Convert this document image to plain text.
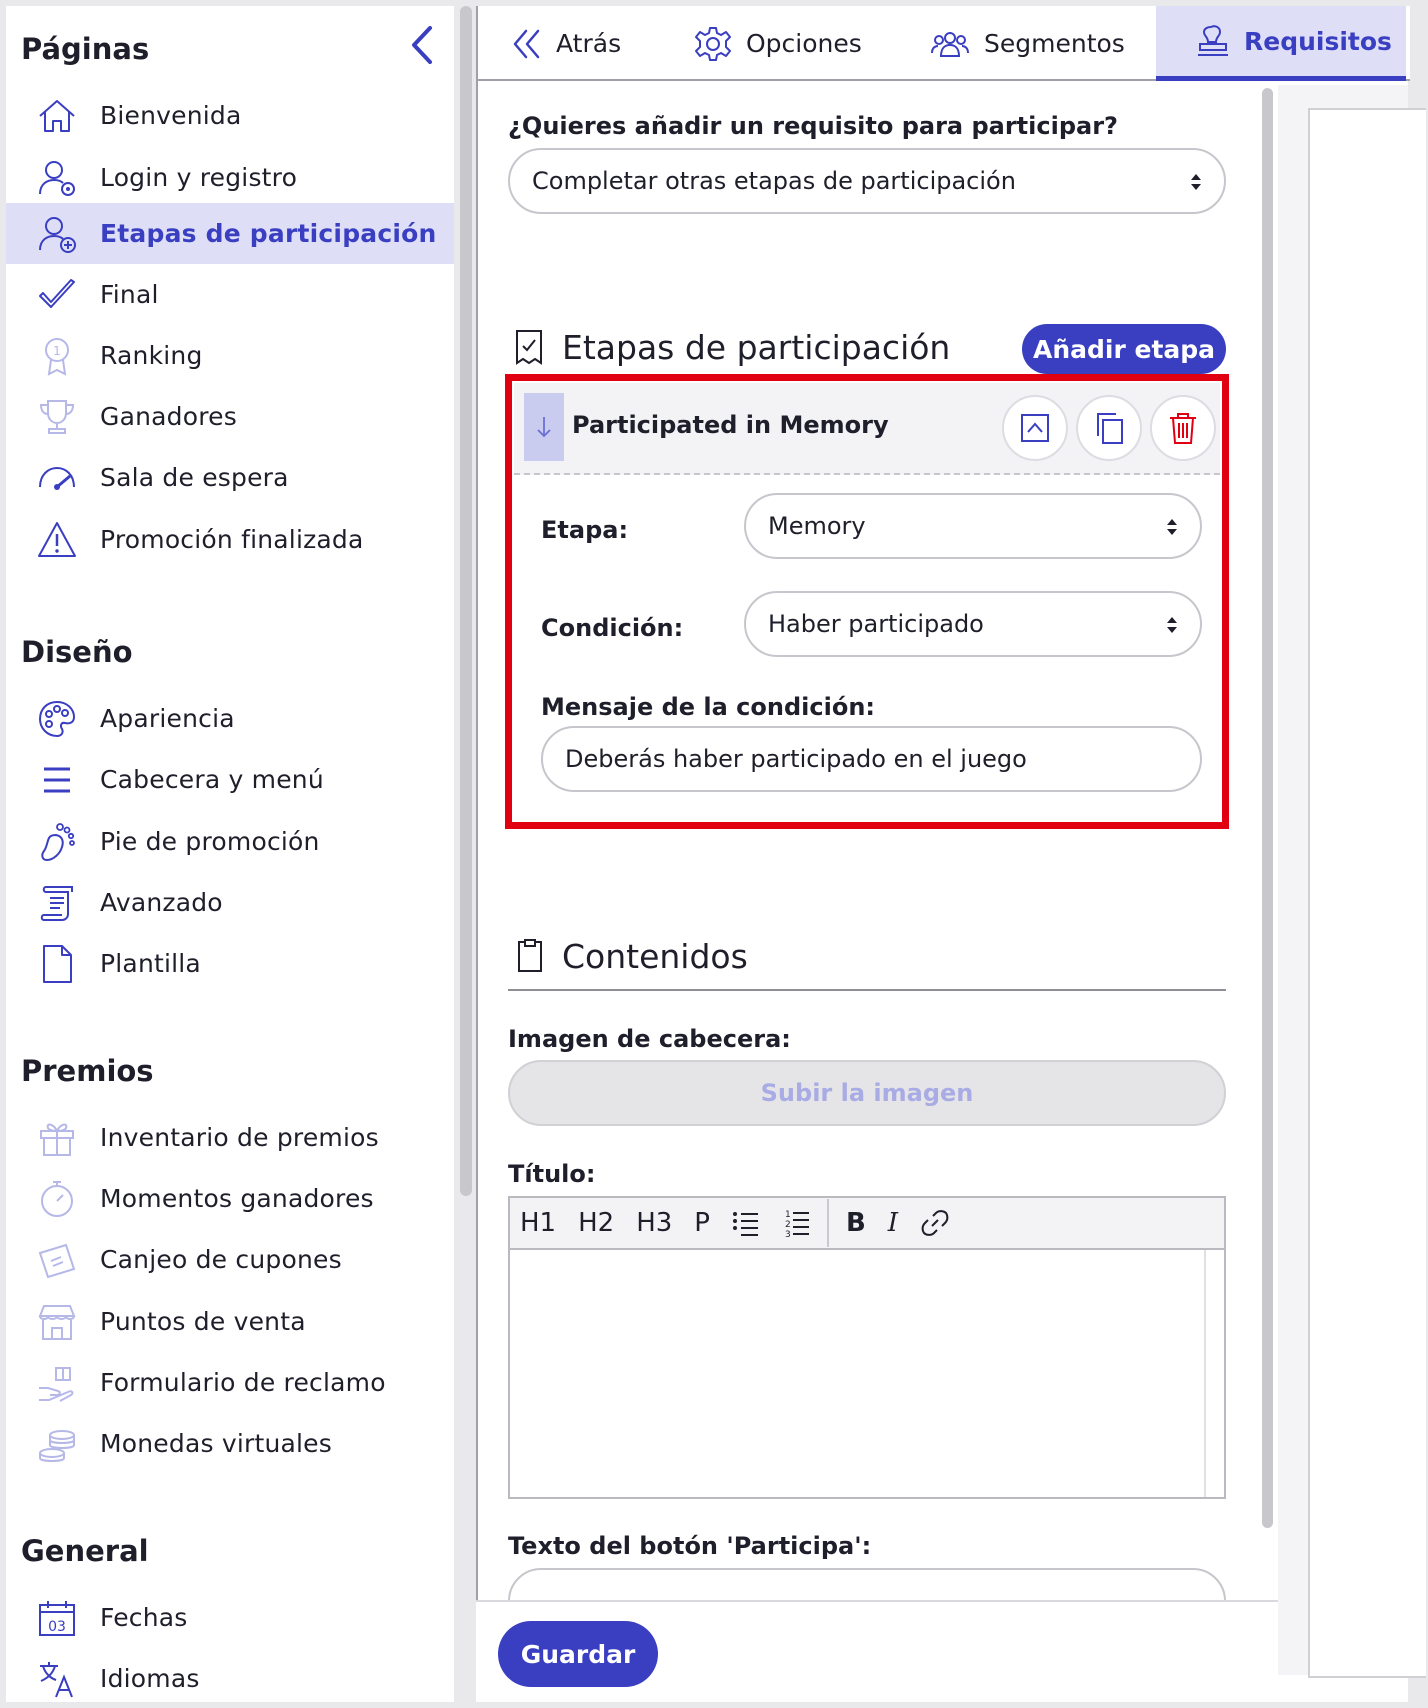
Páginas
Bienvenida
Login y registro
Etapas de participación
Final
1 Ranking
Ganadores
Sala de espera
Promoción finalizada
Diseño
Apariencia
Cabecera y menú
Pie de promoción
Avanzado
Plantilla
Premios
Inventario de premios
Momentos ganadores
Canjeo de cupones
Puntos de venta
Formulario de reclamo
Monedas virtuales
General
03 Fechas
Idiomas
Atrás	Opciones	Segmentos	Requisitos
¿Quieres añadir un requisito para participar?
Completar otras etapas de participación
Etapas de participación	Añadir etapa
Participated in Memory
Etapa:	Memory
Condición:	Haber participado
Mensaje de la condición:
Deberás haber participado en el juego
Contenidos
Imagen de cabecera:
Subir la imagen
Título:
H1 H2 H3 P	1
2
3 B I
Texto del botón 'Participa':
Guardar
